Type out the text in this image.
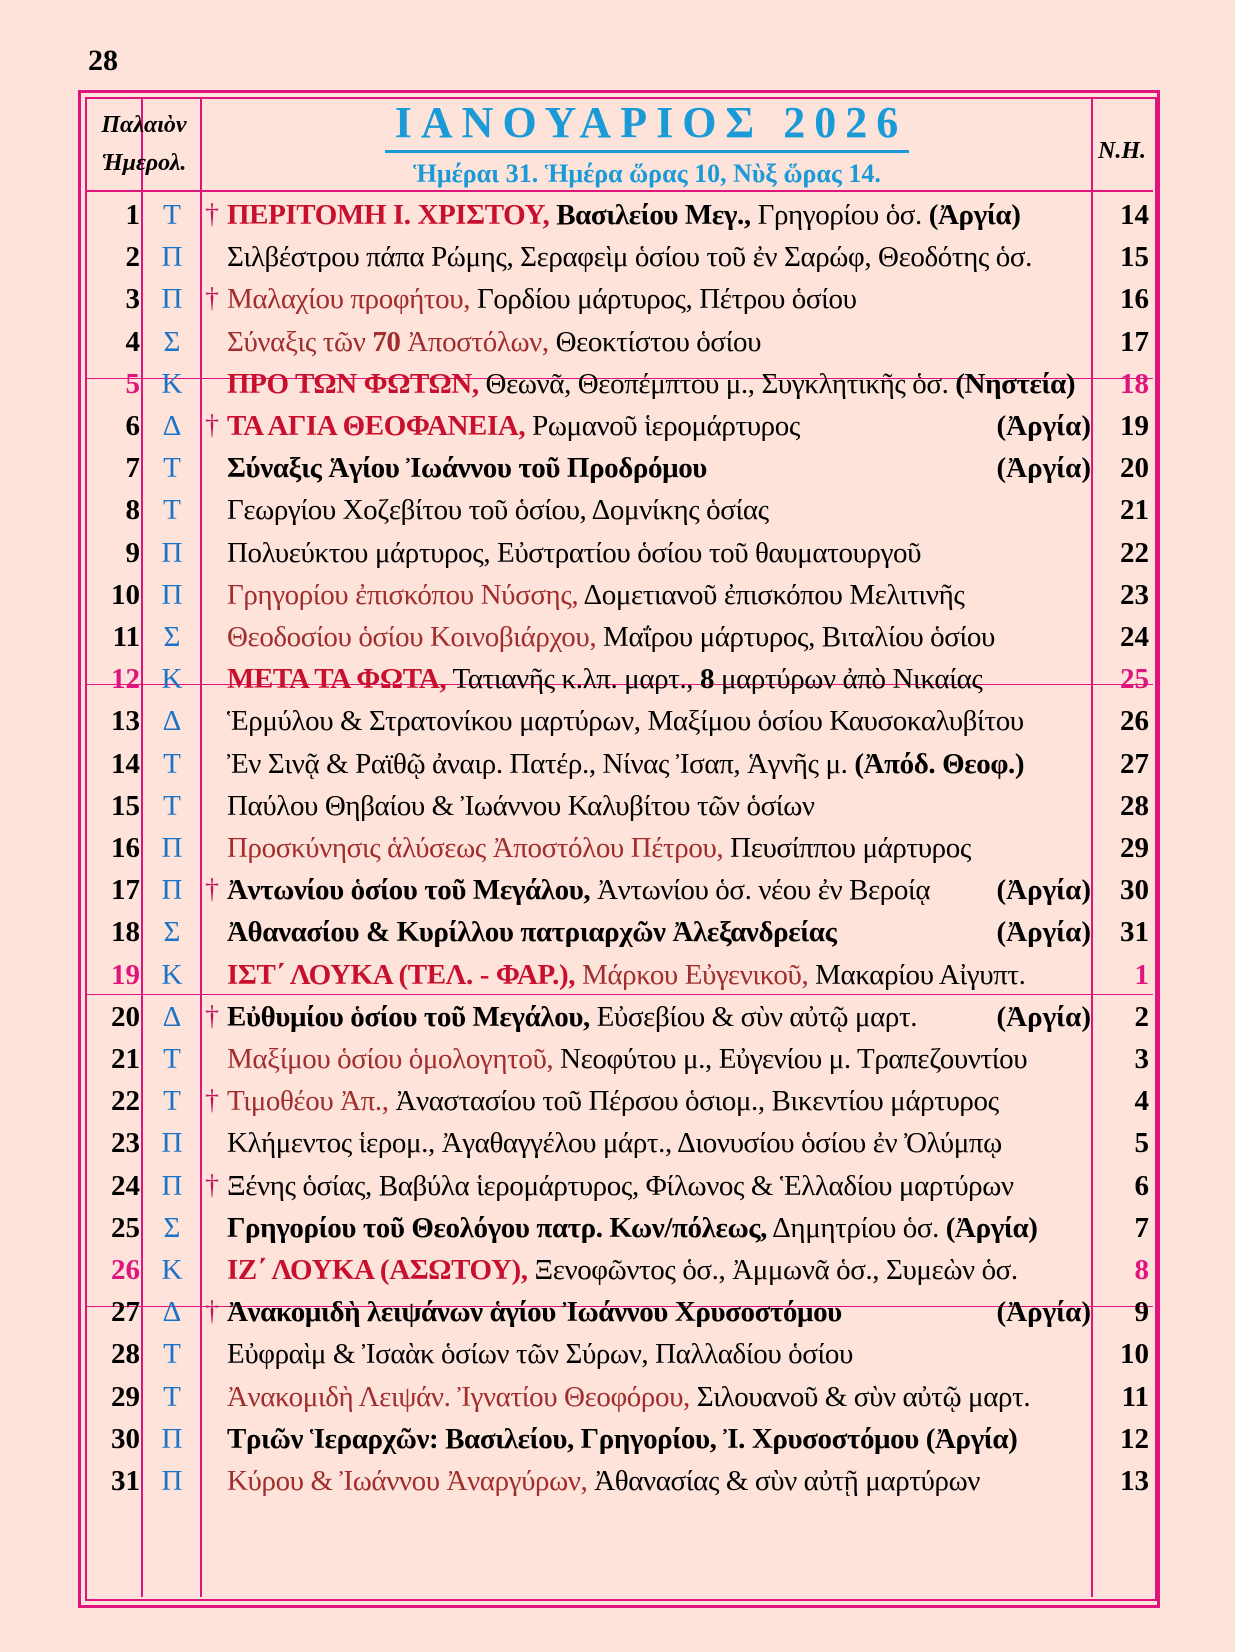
28
Παλαιὸν
Ἡμερολ.
ΙΑΝΟΥΑΡΙΟΣ 2026
Ἡμέραι 31. Ἡμέρα ὥρας 10, Νὺξ ὥρας 14.
Ν.Η.
1 Τ † ΠΕΡΙΤΟΜΗ Ι. ΧΡΙΣΤΟΥ, Βασιλείου Μεγ., Γρηγορίου ὁσ. (Ἀργία)	14
2 Π	Σιλβέστρου πάπα Ρώμης, Σεραφεὶμ ὁσίου τοῦ ἐν Σαρώφ, Θεοδότης ὁσ.	15
3 Π † Μαλαχίου προφήτου, Γορδίου μάρτυρος, Πέτρου ὁσίου	16
4 Σ	Σύναξις τῶν 70 Ἀποστόλων, Θεοκτίστου ὁσίου	17
5 Κ	ΠΡΟ ΤΩΝ ΦΩΤΩΝ, Θεωνᾶ, Θεοπέμπτου μ., Συγκλητικῆς ὁσ. (Νηστεία)	18
6 Δ † ΤΑ ΑΓΙΑ ΘΕΟΦΑΝΕΙΑ, Ρωμανοῦ ἱερομάρτυρος	(Ἀργία)	19
7 Τ	Σύναξις Ἁγίου Ἰωάννου τοῦ Προδρόμου	(Ἀργία)	20
8 Τ	Γεωργίου Χοζεβίτου τοῦ ὁσίου, Δομνίκης ὁσίας	21
9 Π	Πολυεύκτου μάρτυρος, Εὐστρατίου ὁσίου τοῦ θαυματουργοῦ	22
10 Π	Γρηγορίου ἐπισκόπου Νύσσης, Δομετιανοῦ ἐπισκόπου Μελιτινῆς	23
11 Σ	Θεοδοσίου ὁσίου Κοινοβιάρχου, Μαΐρου μάρτυρος, Βιταλίου ὁσίου	24
12 Κ	ΜΕΤΑ ΤΑ ΦΩΤΑ, Τατιανῆς κ.λπ. μαρτ., 8 μαρτύρων ἀπὸ Νικαίας	25
13 Δ	Ἑρμύλου & Στρατονίκου μαρτύρων, Μαξίμου ὁσίου Καυσοκαλυβίτου	26
14 Τ	Ἐν Σινᾷ & Ραϊθῷ ἀναιρ. Πατέρ., Νίνας Ἰσαπ, Ἁγνῆς μ. (Ἀπόδ. Θεοφ.)	27
15 Τ	Παύλου Θηβαίου & Ἰωάννου Καλυβίτου τῶν ὁσίων	28
16 Π	Προσκύνησις ἁλύσεως Ἀποστόλου Πέτρου, Πευσίππου μάρτυρος	29
17 Π † Ἀντωνίου ὁσίου τοῦ Μεγάλου, Ἀντωνίου ὁσ. νέου ἐν Βεροίᾳ	(Ἀργία)	30
18 Σ	Ἀθανασίου & Κυρίλλου πατριαρχῶν Ἀλεξανδρείας	(Ἀργία)	31
19 Κ	ΙΣΤ΄ ΛΟΥΚΑ (ΤΕΛ. - ΦΑΡ.), Μάρκου Εὐγενικοῦ, Μακαρίου Αἰγυπτ.	1
20 Δ † Εὐθυμίου ὁσίου τοῦ Μεγάλου, Εὐσεβίου & σὺν αὐτῷ μαρτ.	(Ἀργία)	2
21 Τ	Μαξίμου ὁσίου ὁμολογητοῦ, Νεοφύτου μ., Εὐγενίου μ. Τραπεζουντίου	3
22 Τ † Τιμοθέου Ἀπ., Ἀναστασίου τοῦ Πέρσου ὁσιομ., Βικεντίου μάρτυρος	4
23 Π	Κλήμεντος ἱερομ., Ἀγαθαγγέλου μάρτ., Διονυσίου ὁσίου ἐν Ὀλύμπῳ	5
24 Π † Ξένης ὁσίας, Βαβύλα ἱερομάρτυρος, Φίλωνος & Ἑλλαδίου μαρτύρων	6
25 Σ	Γρηγορίου τοῦ Θεολόγου πατρ. Κων/πόλεως, Δημητρίου ὁσ. (Ἀργία)	7
26 Κ	ΙΖ΄ ΛΟΥΚΑ (ΑΣΩΤΟΥ), Ξενοφῶντος ὁσ., Ἀμμωνᾶ ὁσ., Συμεὼν ὁσ.	8
27 Δ † Ἀνακομιδὴ λειψάνων ἁγίου Ἰωάννου Χρυσοστόμου	(Ἀργία)	9
28 Τ	Εὐφραὶμ & Ἰσαὰκ ὁσίων τῶν Σύρων, Παλλαδίου ὁσίου	10
29 Τ	Ἀνακομιδὴ Λειψάν. Ἰγνατίου Θεοφόρου, Σιλουανοῦ & σὺν αὐτῷ μαρτ.	11
30 Π	Τριῶν Ἱεραρχῶν: Βασιλείου, Γρηγορίου, Ἰ. Χρυσοστόμου (Ἀργία)	12
31 Π	Κύρου & Ἰωάννου Ἀναργύρων, Ἀθανασίας & σὺν αὐτῇ μαρτύρων	13
